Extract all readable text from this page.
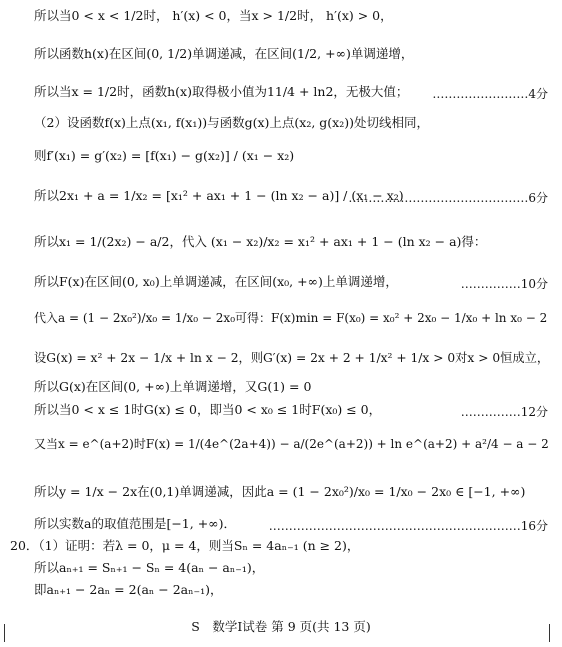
所以当0 < x < 1/2时， h′(x) < 0，当x > 1/2时， h′(x) > 0，
所以函数h(x)在区间(0, 1/2)单调递减，在区间(1/2, +∞)单调递增，
所以当x = 1/2时，函数h(x)取得极小值为11/4 + ln2，无极大值；	……………………4分
（2）设函数f(x)上点(x₁, f(x₁))与函数g(x)上点(x₂, g(x₂))处切线相同，
则f′(x₁) = g′(x₂) = [f(x₁) − g(x₂)] / (x₁ − x₂)
所以2x₁ + a = 1/x₂ = [x₁² + ax₁ + 1 − (ln x₂ − a)] / (x₁ − x₂)
………………………………………6分
所以x₁ = 1/(2x₂) − a/2，代入 (x₁ − x₂)/x₂ = x₁² + ax₁ + 1 − (ln x₂ − a)得：
所以F(x)在区间(0, x₀)上单调递减，在区间(x₀, +∞)上单调递增，	……………10分
代入a = (1 − 2x₀²)/x₀ = 1/x₀ − 2x₀可得：F(x)min = F(x₀) = x₀² + 2x₀ − 1/x₀ + ln x₀ − 2
设G(x) = x² + 2x − 1/x + ln x − 2，则G′(x) = 2x + 2 + 1/x² + 1/x > 0对x > 0恒成立，
所以G(x)在区间(0, +∞)上单调递增，又G(1) = 0
所以当0 < x ≤ 1时G(x) ≤ 0，即当0 < x₀ ≤ 1时F(x₀) ≤ 0，	……………12分
又当x = e^(a+2)时F(x) = 1/(4e^(2a+4)) − a/(2e^(a+2)) + ln e^(a+2) + a²/4 − a − 2
所以y = 1/x − 2x在(0,1)单调递减，因此a = (1 − 2x₀²)/x₀ = 1/x₀ − 2x₀ ∈ [−1, +∞)
所以实数a的取值范围是[−1, +∞)．	………………………………………………………16分
20．（1）证明：若λ = 0，μ = 4，则当Sₙ = 4aₙ₋₁ (n ≥ 2)，
所以aₙ₊₁ = Sₙ₊₁ − Sₙ = 4(aₙ − aₙ₋₁)，
即aₙ₊₁ − 2aₙ = 2(aₙ − 2aₙ₋₁)，
S　数学Ⅰ试卷 第 9 页(共 13 页)
